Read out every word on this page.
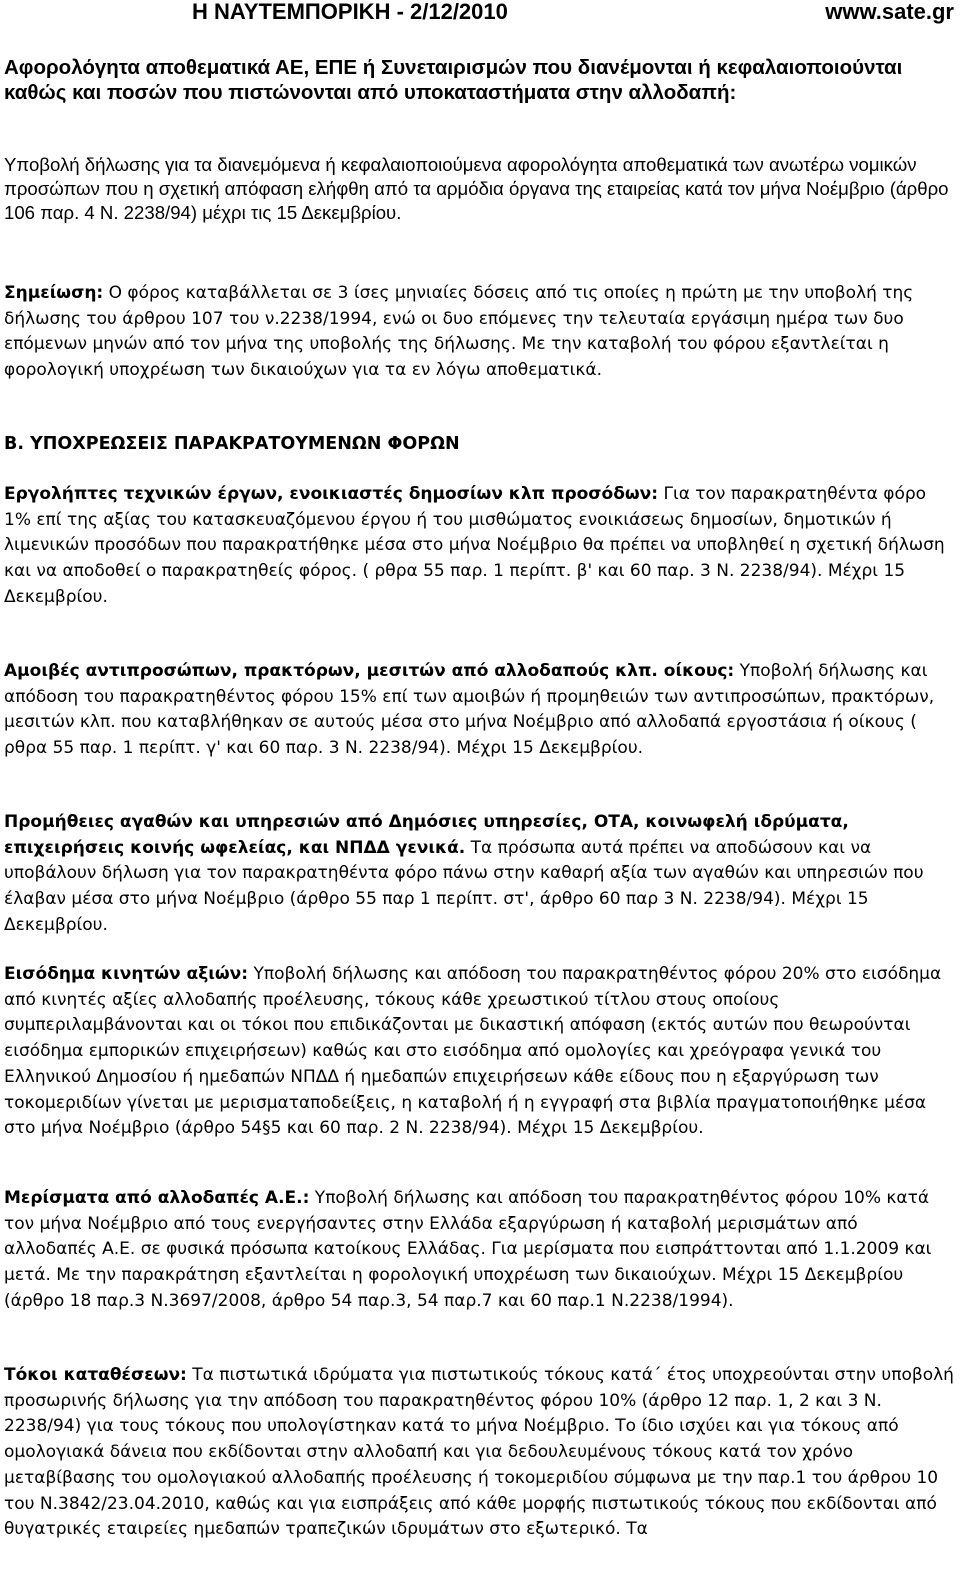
Η ΝΑΥΤΕΜΠΟΡΙΚΗ - 2/12/2010	www.sate.gr
Αφορολόγητα αποθεματικά ΑΕ, ΕΠΕ ή Συνεταιρισμών που διανέμονται ή κεφαλαιοποιούνται καθώς και ποσών που πιστώνονται από υποκαταστήματα στην αλλοδαπή:

Υποβολή δήλωσης για τα διανεμόμενα ή κεφαλαιοποιούμενα αφορολόγητα αποθεματικά των ανωτέρω νομικών προσώπων που η σχετική απόφαση ελήφθη από τα αρμόδια όργανα της εταιρείας κατά τον μήνα Νοέμβριο (άρθρο 106 παρ. 4 Ν. 2238/94) μέχρι τις 15 Δεκεμβρίου.

Σημείωση: Ο φόρος καταβάλλεται σε 3 ίσες μηνιαίες δόσεις από τις οποίες η πρώτη με την υποβολή της δήλωσης του άρθρου 107 του ν.2238/1994, ενώ οι δυο επόμενες την τελευταία εργάσιμη ημέρα των δυο επόμενων μηνών από τον μήνα της υποβολής της δήλωσης. Με την καταβολή του φόρου εξαντλείται η φορολογική υποχρέωση των δικαιούχων για τα εν λόγω αποθεματικά.

Β. ΥΠΟΧΡΕΩΣΕΙΣ ΠΑΡΑΚΡΑΤΟΥΜΕΝΩΝ ΦΟΡΩΝ

Εργολήπτες τεχνικών έργων, ενοικιαστές δημοσίων κλπ προσόδων: Για τον παρακρατηθέντα φόρο 1% επί της αξίας του κατασκευαζόμενου έργου ή του μισθώματος ενοικιάσεως δημοσίων, δημοτικών ή λιμενικών προσόδων που παρακρατήθηκε μέσα στο μήνα Νοέμβριο θα πρέπει να υποβληθεί η σχετική δήλωση και να αποδοθεί ο παρακρατηθείς φόρος. ( ρθρα 55 παρ. 1 περίπτ. β' και 60 παρ. 3 Ν. 2238/94). Μέχρι 15 Δεκεμβρίου.

Αμοιβές αντιπροσώπων, πρακτόρων, μεσιτών από αλλοδαπούς κλπ. οίκους: Υποβολή δήλωσης και απόδοση του παρακρατηθέντος φόρου 15% επί των αμοιβών ή προμηθειών των αντιπροσώπων, πρακτόρων, μεσιτών κλπ. που καταβλήθηκαν σε αυτούς μέσα στο μήνα Νοέμβριο από αλλοδαπά εργοστάσια ή οίκους ( ρθρα 55 παρ. 1 περίπτ. γ' και 60 παρ. 3 Ν. 2238/94). Μέχρι 15 Δεκεμβρίου.

Προμήθειες αγαθών και υπηρεσιών από Δημόσιες υπηρεσίες, ΟΤΑ, κοινωφελή ιδρύματα, επιχειρήσεις κοινής ωφελείας, και ΝΠΔΔ γενικά. Τα πρόσωπα αυτά πρέπει να αποδώσουν και να υποβάλουν δήλωση για τον παρακρατηθέντα φόρο πάνω στην καθαρή αξία των αγαθών και υπηρεσιών που έλαβαν μέσα στο μήνα Νοέμβριο (άρθρο 55 παρ 1 περίπτ. στ', άρθρο 60 παρ 3 Ν. 2238/94). Μέχρι 15 Δεκεμβρίου.

Εισόδημα κινητών αξιών: Υποβολή δήλωσης και απόδοση του παρακρατηθέντος φόρου 20% στο εισόδημα από κινητές αξίες αλλοδαπής προέλευσης, τόκους κάθε χρεωστικού τίτλου στους οποίους συμπεριλαμβάνονται και οι τόκοι που επιδικάζονται με δικαστική απόφαση (εκτός αυτών που θεωρούνται εισόδημα εμπορικών επιχειρήσεων) καθώς και στο εισόδημα από ομολογίες και χρεόγραφα γενικά του Ελληνικού Δημοσίου ή ημεδαπών ΝΠΔΔ ή ημεδαπών επιχειρήσεων κάθε είδους που η εξαργύρωση των τοκομεριδίων γίνεται με μερισματαποδείξεις, η καταβολή ή η εγγραφή στα βιβλία πραγματοποιήθηκε μέσα στο μήνα Νοέμβριο (άρθρο 54§5 και 60 παρ. 2 Ν. 2238/94). Μέχρι 15 Δεκεμβρίου.

Μερίσματα από αλλοδαπές Α.Ε.: Υποβολή δήλωσης και απόδοση του παρακρατηθέντος φόρου 10% κατά τον μήνα Νοέμβριο από τους ενεργήσαντες στην Ελλάδα εξαργύρωση ή καταβολή μερισμάτων από αλλοδαπές Α.Ε. σε φυσικά πρόσωπα κατοίκους Ελλάδας. Για μερίσματα που εισπράττονται από 1.1.2009 και μετά. Με την παρακράτηση εξαντλείται η φορολογική υποχρέωση των δικαιούχων. Μέχρι 15 Δεκεμβρίου (άρθρο 18 παρ.3 Ν.3697/2008, άρθρο 54 παρ.3, 54 παρ.7 και 60 παρ.1 Ν.2238/1994).

Τόκοι καταθέσεων: Τα πιστωτικά ιδρύματα για πιστωτικούς τόκους κατά΄ έτος υποχρεούνται στην υποβολή προσωρινής δήλωσης για την απόδοση του παρακρατηθέντος φόρου 10% (άρθρο 12 παρ. 1, 2 και 3 Ν. 2238/94) για τους τόκους που υπολογίστηκαν κατά το μήνα Νοέμβριο. Το ίδιο ισχύει και για τόκους από ομολογιακά δάνεια που εκδίδονται στην αλλοδαπή και για δεδουλευμένους τόκους κατά τον χρόνο μεταβίβασης του ομολογιακού αλλοδαπής προέλευσης ή τοκομεριδίου σύμφωνα με την παρ.1 του άρθρου 10 του Ν.3842/23.04.2010, καθώς και για εισπράξεις από κάθε μορφής πιστωτικούς τόκους που εκδίδονται από θυγατρικές εταιρείες ημεδαπών τραπεζικών ιδρυμάτων στο εξωτερικό. Τα
